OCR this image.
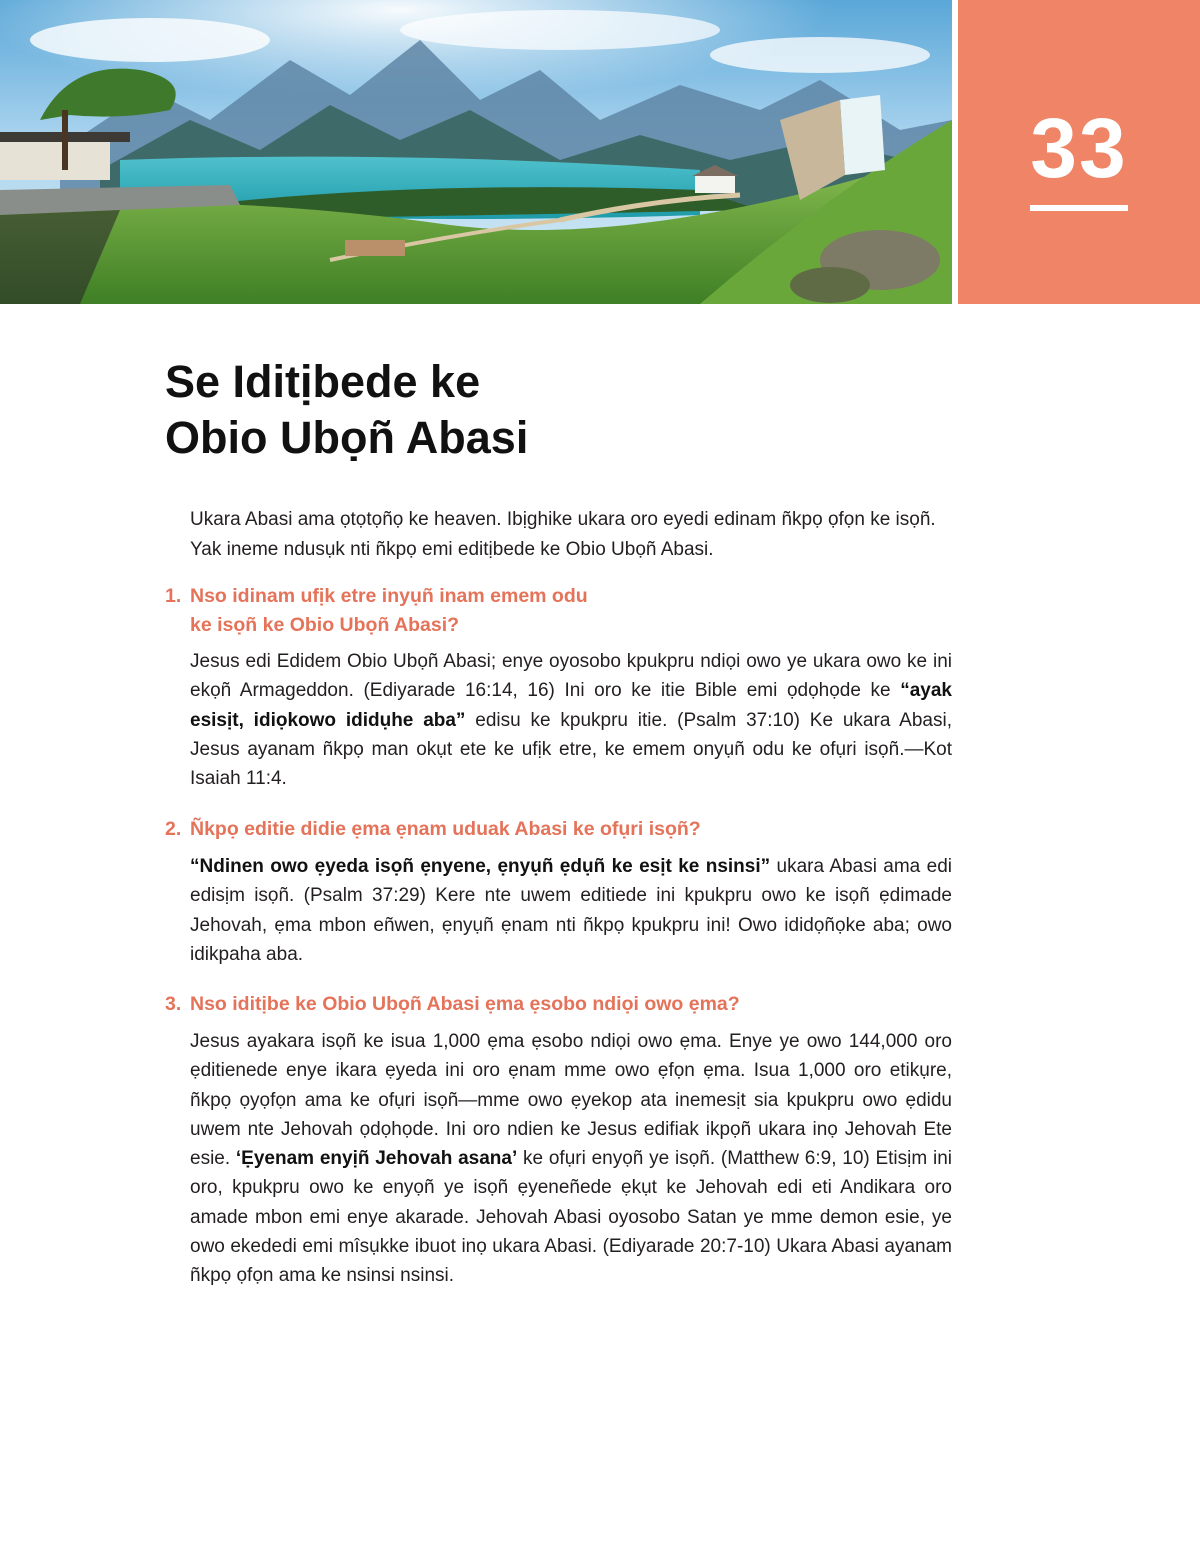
33
Se Iditịbede ke
Obio Ubọñ Abasi

Ukara Abasi ama ọtọtọñọ ke heaven. Ibịghike ukara oro eyedi edinam ñkpọ ọfọn ke isọñ. Yak ineme ndusụk nti ñkpọ emi editịbede ke Obio Ubọñ Abasi.

1. Nso idinam ufịk etre inyụñ inam emem odu
ke isọñ ke Obio Ubọñ Abasi?

Jesus edi Edidem Obio Ubọñ Abasi; enye oyosobo kpukpru ndiọi owo ye ukara owo ke ini ekọñ Armageddon. (Ediyarade 16:14, 16) Ini oro ke itie Bible emi ọdọhọde ke “ayak esisịt, idiọkowo ididụhe aba” edisu ke kpukpru itie. (Psalm 37:10) Ke ukara Abasi, Jesus ayanam ñkpọ man okụt ete ke ufịk etre, ke emem onyụñ odu ke ofụri isọñ.—Kot Isaiah 11:4.

2. Ñkpọ editie didie ẹma ẹnam uduak Abasi ke ofụri isọñ?

“Ndinen owo ẹyeda isọñ ẹnyene, ẹnyụñ ẹdụñ ke esịt ke nsinsi” ukara Abasi ama edi edisịm isọñ. (Psalm 37:29) Kere nte uwem editiede ini kpukpru owo ke isọñ ẹdimade Jehovah, ẹma mbon eñwen, ẹnyụñ ẹnam nti ñkpọ kpukpru ini! Owo ididọñọke aba; owo idikpaha aba.

3. Nso iditịbe ke Obio Ubọñ Abasi ẹma ẹsobo ndiọi owo ẹma?

Jesus ayakara isọñ ke isua 1,000 ẹma ẹsobo ndiọi owo ẹma. Enye ye owo 144,000 oro ẹditienede enye ikara ẹyeda ini oro ẹnam mme owo ẹfọn ẹma. Isua 1,000 oro etikụre, ñkpọ ọyọfọn ama ke ofụri isọñ—mme owo ẹyekop ata inemesịt sia kpukpru owo ẹdidu uwem nte Jehovah ọdọhọde. Ini oro ndien ke Jesus edifiak ikpọñ ukara inọ Jehovah Ete esie. ‘Ẹyenam enyịñ Jehovah asana’ ke ofụri enyọñ ye isọñ. (Matthew 6:9, 10) Etisịm ini oro, kpukpru owo ke enyọñ ye isọñ ẹyeneñede ẹkụt ke Jehovah edi eti Andikara oro amade mbon emi enye akarade. Jehovah Abasi oyosobo Satan ye mme demon esie, ye owo ekededi emi mîsụkke ibuot inọ ukara Abasi. (Ediyarade 20:7-10) Ukara Abasi ayanam ñkpọ ọfọn ama ke nsinsi nsinsi.
